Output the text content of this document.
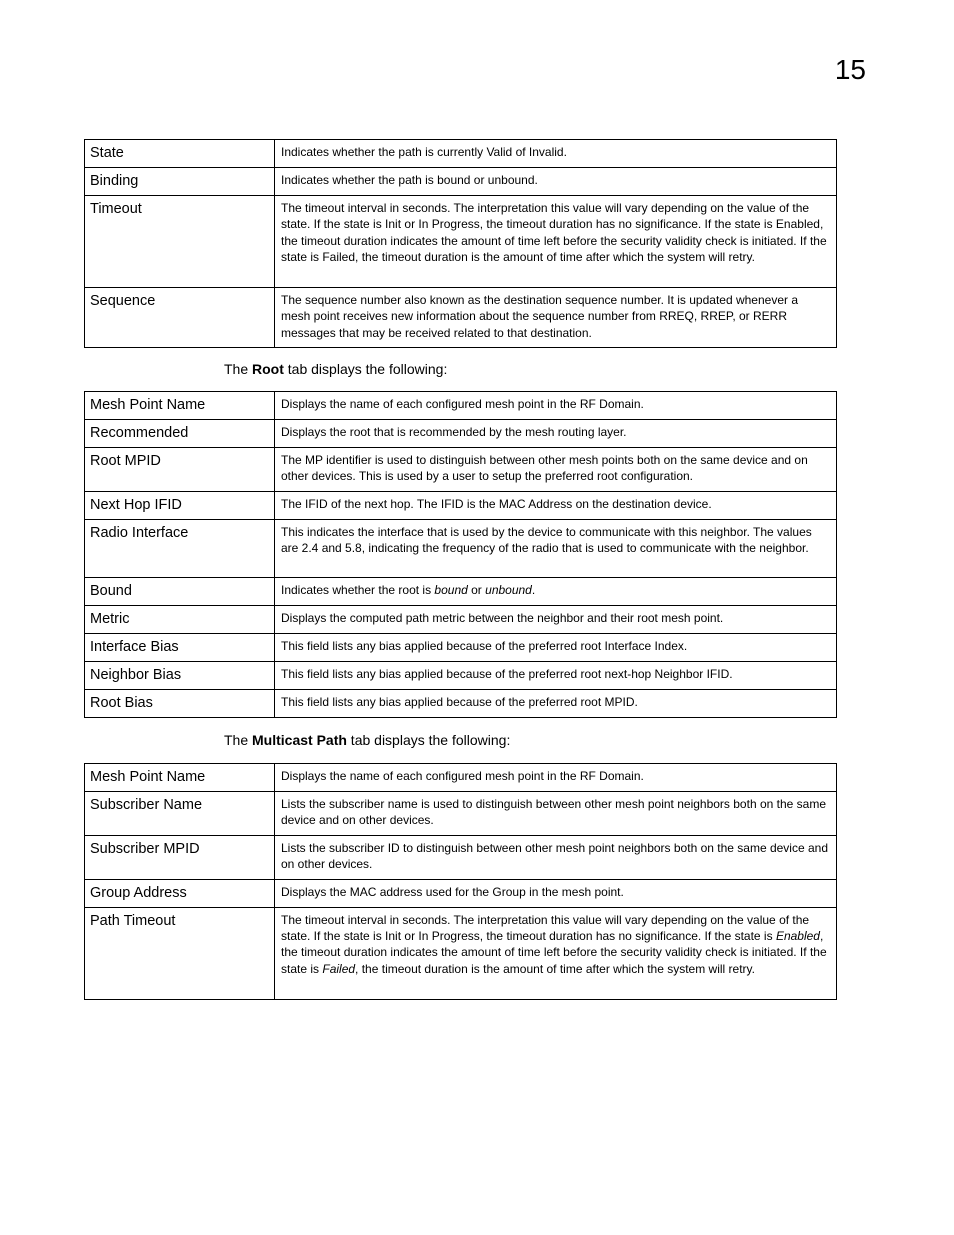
15
State	Indicates whether the path is currently Valid of Invalid.
Binding	Indicates whether the path is bound or unbound.
Timeout	The timeout interval in seconds. The interpretation this value will vary depending on the value of the state. If the state is Init or In Progress, the timeout duration has no significance. If the state is Enabled, the timeout duration indicates the amount of time left before the security validity check is initiated. If the state is Failed, the timeout duration is the amount of time after which the system will retry.
Sequence	The sequence number also known as the destination sequence number. It is updated whenever a mesh point receives new information about the sequence number from RREQ, RREP, or RERR messages that may be received related to that destination.
The Root tab displays the following:
Mesh Point Name	Displays the name of each configured mesh point in the RF Domain.
Recommended	Displays the root that is recommended by the mesh routing layer.
Root MPID	The MP identifier is used to distinguish between other mesh points both on the same device and on other devices. This is used by a user to setup the preferred root configuration.
Next Hop IFID	The IFID of the next hop. The IFID is the MAC Address on the destination device.
Radio Interface	This indicates the interface that is used by the device to communicate with this neighbor. The values are 2.4 and 5.8, indicating the frequency of the radio that is used to communicate with the neighbor.
Bound	Indicates whether the root is bound or unbound.
Metric	Displays the computed path metric between the neighbor and their root mesh point.
Interface Bias	This field lists any bias applied because of the preferred root Interface Index.
Neighbor Bias	This field lists any bias applied because of the preferred root next-hop Neighbor IFID.
Root Bias	This field lists any bias applied because of the preferred root MPID.
The Multicast Path tab displays the following:
Mesh Point Name	Displays the name of each configured mesh point in the RF Domain.
Subscriber Name	Lists the subscriber name is used to distinguish between other mesh point neighbors both on the same device and on other devices.
Subscriber MPID	Lists the subscriber ID to distinguish between other mesh point neighbors both on the same device and on other devices.
Group Address	Displays the MAC address used for the Group in the mesh point.
Path Timeout	The timeout interval in seconds. The interpretation this value will vary depending on the value of the state. If the state is Init or In Progress, the timeout duration has no significance. If the state is Enabled, the timeout duration indicates the amount of time left before the security validity check is initiated. If the state is Failed, the timeout duration is the amount of time after which the system will retry.
